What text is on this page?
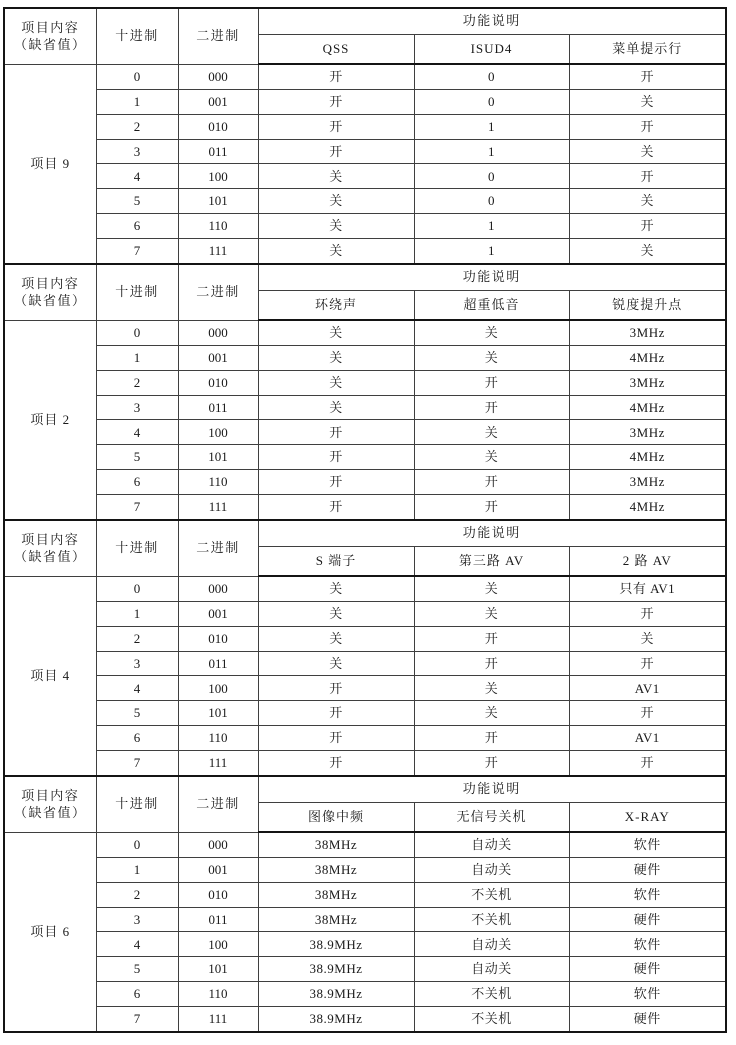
项目内容
（缺省值）	十进制	二进制	功能说明		
			QSS	ISUD4	菜单提示行
项目 9	0	000	开	0	开
	1	001	开	0	关
	2	010	开	1	开
	3	011	开	1	关
	4	100	关	0	开
	5	101	关	0	关
	6	110	关	1	开
	7	111	关	1	关
项目内容
（缺省值）	十进制	二进制	功能说明		
			环绕声	超重低音	锐度提升点
项目 2	0	000	关	关	3MHz
	1	001	关	关	4MHz
	2	010	关	开	3MHz
	3	011	关	开	4MHz
	4	100	开	关	3MHz
	5	101	开	关	4MHz
	6	110	开	开	3MHz
	7	111	开	开	4MHz
项目内容
（缺省值）	十进制	二进制	功能说明		
			S 端子	第三路 AV	2 路 AV
项目 4	0	000	关	关	只有 AV1
	1	001	关	关	开
	2	010	关	开	关
	3	011	关	开	开
	4	100	开	关	AV1
	5	101	开	关	开
	6	110	开	开	AV1
	7	111	开	开	开
项目内容
（缺省值）	十进制	二进制	功能说明		
			图像中频	无信号关机	X-RAY
项目 6	0	000	38MHz	自动关	软件
	1	001	38MHz	自动关	硬件
	2	010	38MHz	不关机	软件
	3	011	38MHz	不关机	硬件
	4	100	38.9MHz	自动关	软件
	5	101	38.9MHz	自动关	硬件
	6	110	38.9MHz	不关机	软件
	7	111	38.9MHz	不关机	硬件
